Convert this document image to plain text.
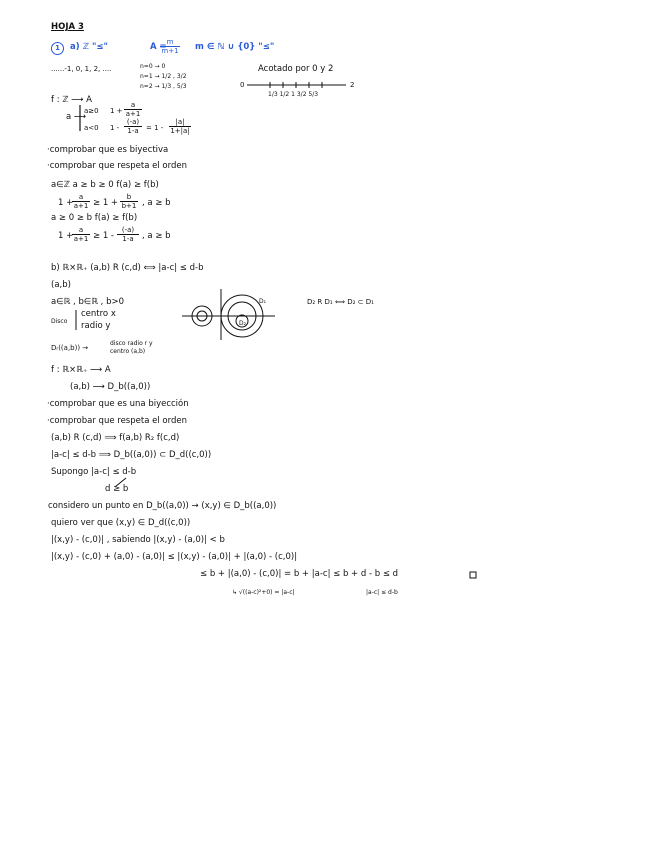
HOJA 3
1	a) ℤ "≤"	A =
$\frac{m}{m+1}$ m ∈ ℕ ∪ {0} "≤"
......-1, 0, 1, 2, ....	n=0 → 0
n=1 → 1/2 , 3/2
n=2 → 1/3 , 5/3
Acotado por 0 y 2
0	2
1/3 1/2 1 3/2 5/3
f : ℤ ⟶ A
a ⟶
a≥0 $1 + \frac{a}{a+1}$
a<0 $1 - \frac{(-a)}{1-a} = 1 - \frac{|a|}{1+|a|}$
·comprobar que es biyectiva
·comprobar que respeta el orden
a∈ℤ a ≥ b ≥ 0 f(a) ≥ f(b)
1 +
$\frac{a}{a+1} \ge 1 + \frac{b}{b+1}$ , a ≥ b
a ≥ 0 ≥ b f(a) ≥ f(b)
1 +
$\frac{a}{a+1} \ge 1 - \frac{(-a)}{1-a}$ , a ≥ b
b) ℝ×ℝ₊ (a,b) R (c,d) ⟺ |a-c| ≤ d-b
(a,b)
a∈ℝ , b∈ℝ , b>0
Disco
centro x
radio y
D₁
D₂
D₂ R D₁ ⟺ D₂ ⊂ D₁
Dᵣ((a,b)) →
disco radio r y
centro (a,b)
f : ℝ×ℝ₊ ⟶ A
(a,b) ⟶ D_b((a,0))
·comprobar que es una biyección
·comprobar que respeta el orden
(a,b) R (c,d) ⟹ f(a,b) R₂ f(c,d)
|a-c| ≤ d-b ⟹ D_b((a,0)) ⊂ D_d((c,0))
Supongo |a-c| ≤ d-b
d ≥ b
considero un punto en D_b((a,0)) → (x,y) ∈ D_b((a,0))
quiero ver que (x,y) ∈ D_d((c,0))
|(x,y) - (c,0)| , sabiendo |(x,y) - (a,0)| < b
|(x,y) - (c,0) + (a,0) - (a,0)| ≤ |(x,y) - (a,0)| + |(a,0) - (c,0)|
≤ b + |(a,0) - (c,0)| = b + |a-c| ≤ b + d - b ≤ d
↳ √((a-c)²+0) = |a-c|	|a-c| ≤ d-b
